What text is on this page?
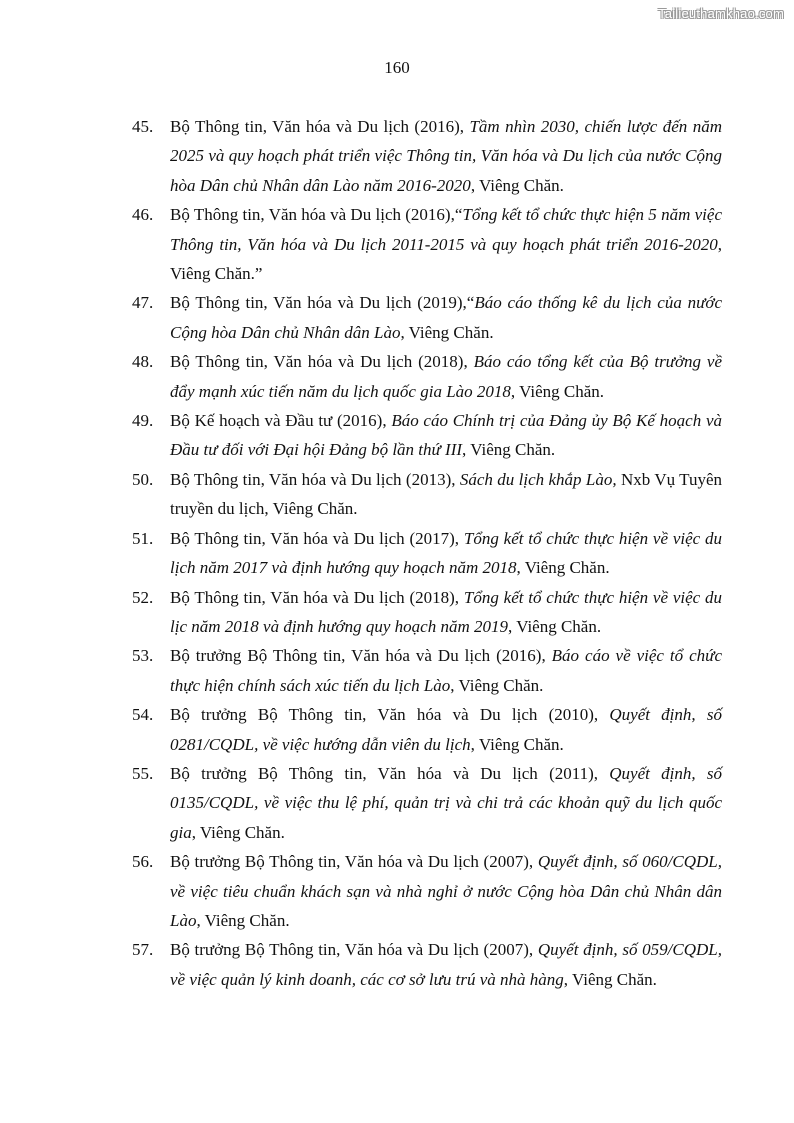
Tailieuthamkhao.com
160
45. Bộ Thông tin, Văn hóa và Du lịch (2016), Tầm nhìn 2030, chiến lược đến năm 2025 và quy hoạch phát triển việc Thông tin, Văn hóa và Du lịch của nước Cộng hòa Dân chủ Nhân dân Lào năm 2016-2020, Viêng Chăn.
46. Bộ Thông tin, Văn hóa và Du lịch (2016),“Tổng kết tổ chức thực hiện 5 năm việc Thông tin, Văn hóa và Du lịch 2011-2015 và quy hoạch phát triển 2016-2020, Viêng Chăn.”
47. Bộ Thông tin, Văn hóa và Du lịch (2019),“Báo cáo thống kê du lịch của nước Cộng hòa Dân chủ Nhân dân Lào, Viêng Chăn.
48. Bộ Thông tin, Văn hóa và Du lịch (2018), Báo cáo tổng kết của Bộ trưởng về đẩy mạnh xúc tiến năm du lịch quốc gia Lào 2018, Viêng Chăn.
49. Bộ Kế hoạch và Đầu tư (2016), Báo cáo Chính trị của Đảng ủy Bộ Kế hoạch và Đầu tư đối với Đại hội Đảng bộ lần thứ III, Viêng Chăn.
50. Bộ Thông tin, Văn hóa và Du lịch (2013), Sách du lịch khắp Lào, Nxb Vụ Tuyên truyền du lịch, Viêng Chăn.
51. Bộ Thông tin, Văn hóa và Du lịch (2017), Tổng kết tổ chức thực hiện về việc du lịch năm 2017 và định hướng quy hoạch năm 2018, Viêng Chăn.
52. Bộ Thông tin, Văn hóa và Du lịch (2018), Tổng kết tổ chức thực hiện về việc du lịc năm 2018 và định hướng quy hoạch năm 2019, Viêng Chăn.
53. Bộ trưởng Bộ Thông tin, Văn hóa và Du lịch (2016), Báo cáo về việc tổ chức thực hiện chính sách xúc tiến du lịch Lào, Viêng Chăn.
54. Bộ trưởng Bộ Thông tin, Văn hóa và Du lịch (2010), Quyết định, số 0281/CQDL, về việc hướng dẫn viên du lịch, Viêng Chăn.
55. Bộ trưởng Bộ Thông tin, Văn hóa và Du lịch (2011), Quyết định, số 0135/CQDL, về việc thu lệ phí, quản trị và chi trả các khoản quỹ du lịch quốc gia, Viêng Chăn.
56. Bộ trưởng Bộ Thông tin, Văn hóa và Du lịch (2007), Quyết định, số 060/CQDL, về việc tiêu chuẩn khách sạn và nhà nghỉ ở nước Cộng hòa Dân chủ Nhân dân Lào, Viêng Chăn.
57. Bộ trưởng Bộ Thông tin, Văn hóa và Du lịch (2007), Quyết định, số 059/CQDL, về việc quản lý kinh doanh, các cơ sở lưu trú và nhà hàng, Viêng Chăn.
